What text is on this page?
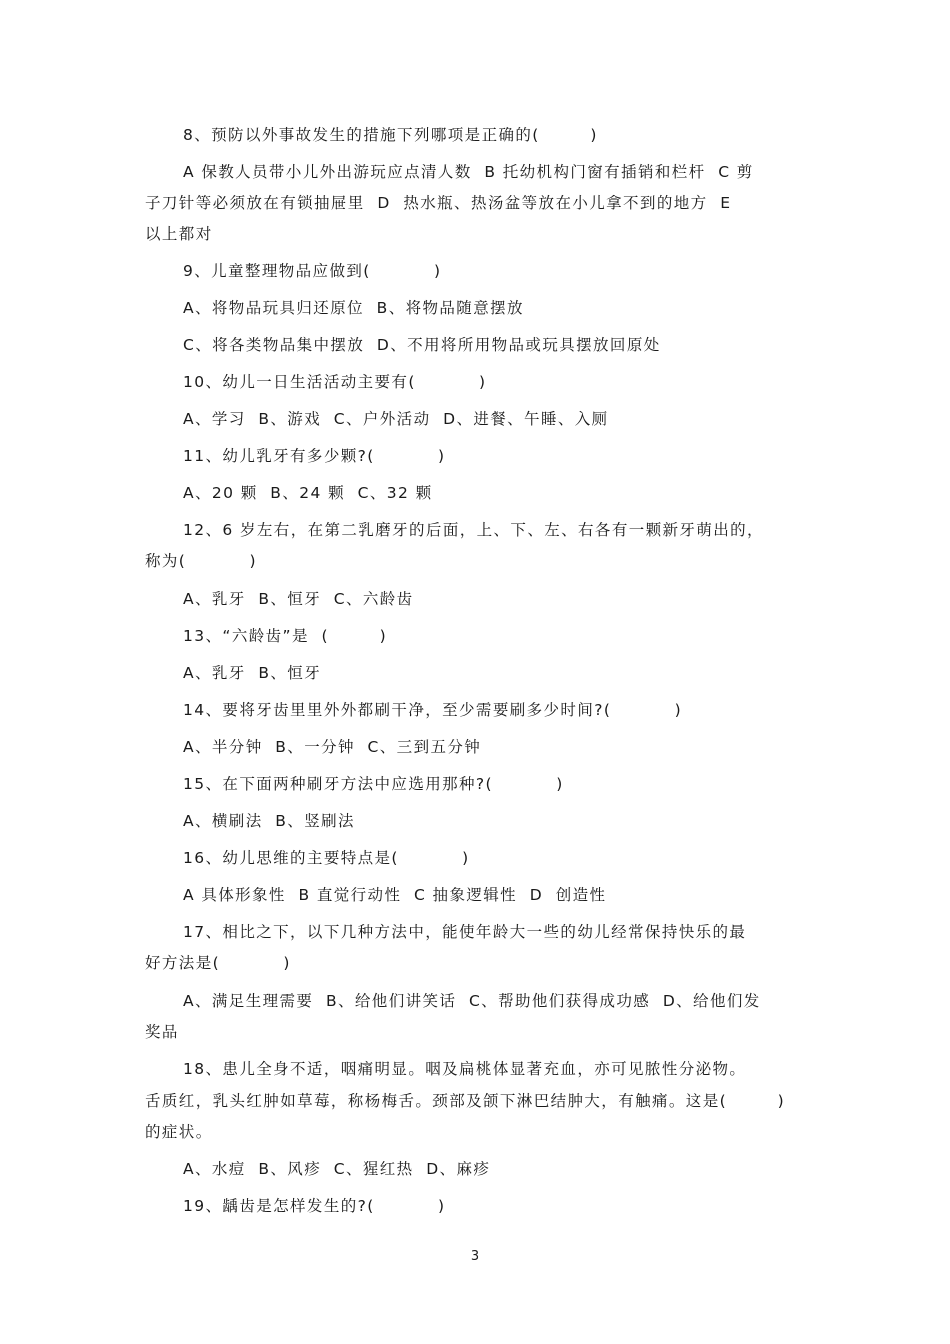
8、预防以外事故发生的措施下列哪项是正确的(        )

A 保教人员带小儿外出游玩应点清人数  B 托幼机构门窗有插销和栏杆  C 剪

子刀针等必须放在有锁抽屉里  D  热水瓶、热汤盆等放在小儿拿不到的地方  E

以上都对

9、儿童整理物品应做到(          )

A、将物品玩具归还原位  B、将物品随意摆放

C、将各类物品集中摆放  D、不用将所用物品或玩具摆放回原处

10、幼儿一日生活活动主要有(          )

A、学习  B、游戏  C、户外活动  D、进餐、午睡、入厕

11、幼儿乳牙有多少颗?(          )

A、20 颗  B、24 颗  C、32 颗

12、6 岁左右，在第二乳磨牙的后面，上、下、左、右各有一颗新牙萌出的，

称为(          )

A、乳牙  B、恒牙  C、六龄齿

13、“六龄齿”是  (        )

A、乳牙  B、恒牙

14、要将牙齿里里外外都刷干净，至少需要刷多少时间?(          )

A、半分钟  B、一分钟  C、三到五分钟

15、在下面两种刷牙方法中应选用那种?(          )

A、横刷法  B、竖刷法

16、幼儿思维的主要特点是(          )

A 具体形象性  B 直觉行动性  C 抽象逻辑性  D  创造性

17、相比之下，以下几种方法中，能使年龄大一些的幼儿经常保持快乐的最

好方法是(          )

A、满足生理需要  B、给他们讲笑话  C、帮助他们获得成功感  D、给他们发

奖品

18、患儿全身不适，咽痛明显。咽及扁桃体显著充血，亦可见脓性分泌物。

舌质红，乳头红肿如草莓，称杨梅舌。颈部及颌下淋巴结肿大，有触痛。这是(        )

的症状。

A、水痘  B、风疹  C、猩红热  D、麻疹

19、龋齿是怎样发生的?(          )

3
